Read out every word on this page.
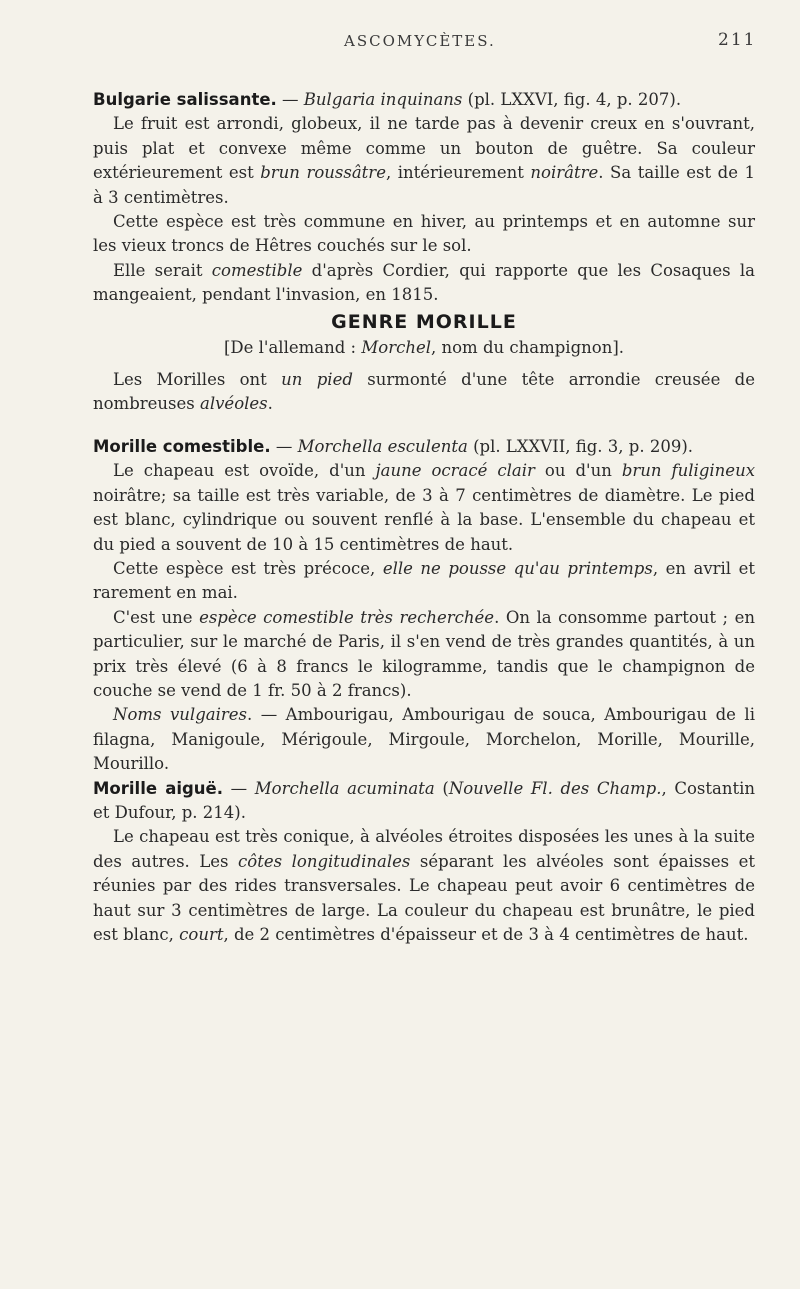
ASCOMYCÈTES.	211

Bulgarie salissante. — Bulgaria inquinans (pl. LXXVI, fig. 4, p. 207).

Le fruit est arrondi, globeux, il ne tarde pas à devenir creux en s'ouvrant, puis plat et convexe même comme un bouton de guêtre. Sa couleur extérieurement est brun roussâtre, intérieurement noirâtre. Sa taille est de 1 à 3 centimètres.

Cette espèce est très commune en hiver, au printemps et en automne sur les vieux troncs de Hêtres couchés sur le sol.

Elle serait comestible d'après Cordier, qui rapporte que les Cosaques la mangeaient, pendant l'invasion, en 1815.

GENRE MORILLE

[De l'allemand : Morchel, nom du champignon].

Les Morilles ont un pied surmonté d'une tête arrondie creusée de nombreuses alvéoles.

Morille comestible. — Morchella esculenta (pl. LXXVII, fig. 3, p. 209).

Le chapeau est ovoïde, d'un jaune ocracé clair ou d'un brun fuligineux noirâtre; sa taille est très variable, de 3 à 7 centimètres de diamètre. Le pied est blanc, cylindrique ou souvent renflé à la base. L'ensemble du chapeau et du pied a souvent de 10 à 15 centimètres de haut.

Cette espèce est très précoce, elle ne pousse qu'au printemps, en avril et rarement en mai.

C'est une espèce comestible très recherchée. On la consomme partout ; en particulier, sur le marché de Paris, il s'en vend de très grandes quantités, à un prix très élevé (6 à 8 francs le kilogramme, tandis que le champignon de couche se vend de 1 fr. 50 à 2 francs).

Noms vulgaires. — Ambourigau, Ambourigau de souca, Ambourigau de li filagna, Manigoule, Mérigoule, Mirgoule, Morchelon, Morille, Mourille, Mourillo.

Morille aiguë. — Morchella acuminata (Nouvelle Fl. des Champ., Costantin et Dufour, p. 214).

Le chapeau est très conique, à alvéoles étroites disposées les unes à la suite des autres. Les côtes longitudinales séparant les alvéoles sont épaisses et réunies par des rides transversales. Le chapeau peut avoir 6 centimètres de haut sur 3 centimètres de large. La couleur du chapeau est brunâtre, le pied est blanc, court, de 2 centimètres d'épaisseur et de 3 à 4 centimètres de haut.
